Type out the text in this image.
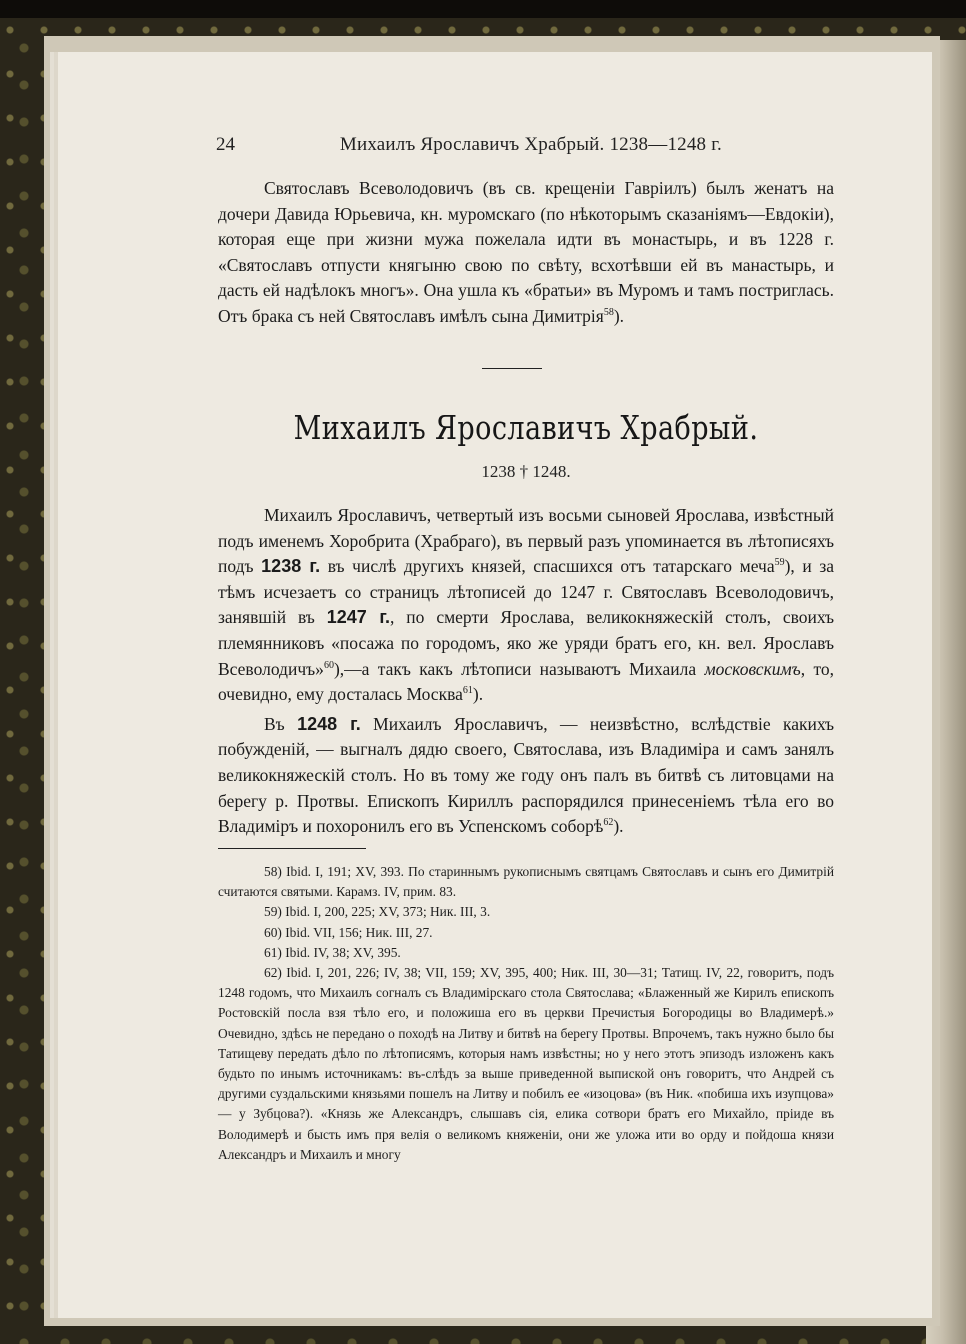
24	Михаилъ Ярославичъ Храбрый. 1238—1248 г.

Святославъ Всеволодовичъ (въ св. крещеніи Гавріилъ) былъ женатъ на дочери Давида Юрьевича, кн. муромскаго (по нѣкоторымъ сказаніямъ—Евдокіи), которая еще при жизни мужа пожелала идти въ монастырь, и въ 1228 г. «Святославъ отпусти княгыню свою по свѣту, всхотѣвши ей въ манастырь, и дасть ей надѣлокъ многъ». Она ушла къ «братьи» въ Муромъ и тамъ постриглась. Отъ брака съ ней Святославъ имѣлъ сына Димитрія$^{58}$).

Михаилъ Ярославичъ Храбрый.
1238 † 1248.

Михаилъ Ярославичъ, четвертый изъ восьми сыновей Ярослава, извѣстный подъ именемъ Хоробрита (Храбраго), въ первый разъ упоминается въ лѣтописяхъ подъ 1238 г. въ числѣ другихъ князей, спасшихся отъ татарскаго меча$^{59}$), и за тѣмъ исчезаетъ со страницъ лѣтописей до 1247 г. Святославъ Всеволодовичъ, занявшій въ 1247 г., по смерти Ярослава, великокняжескій столъ, своихъ племянниковъ «посажа по городомъ, яко же уряди братъ его, кн. вел. Ярославъ Всеволодичъ»$^{60}$),—а такъ какъ лѣтописи называютъ Михаила московскимъ, то, очевидно, ему досталась Москва$^{61}$).

Въ 1248 г. Михаилъ Ярославичъ, — неизвѣстно, вслѣдствіе какихъ побужденій, — выгналъ дядю своего, Святослава, изъ Владиміра и самъ занялъ великокняжескій столъ. Но въ тому же году онъ палъ въ битвѣ съ литовцами на берегу р. Протвы. Епископъ Кириллъ распорядился принесеніемъ тѣла его во Владиміръ и похоронилъ его въ Успенскомъ соборѣ$^{62}$).

58) Ibid. I, 191; XV, 393. По стариннымъ рукописнымъ святцамъ Святославъ и сынъ его Димитрій считаются святыми. Карамз. IV, прим. 83.

59) Ibid. I, 200, 225; XV, 373; Ник. III, 3.

60) Ibid. VII, 156; Ник. III, 27.

61) Ibid. IV, 38; XV, 395.

62) Ibid. I, 201, 226; IV, 38; VII, 159; XV, 395, 400; Ник. III, 30—31; Татищ. IV, 22, говоритъ, подъ 1248 годомъ, что Михаилъ согналъ съ Владимірскаго стола Святослава; «Блаженный же Кирилъ епископъ Ростовскій посла взя тѣло его, и положиша его въ церкви Пречистыя Богородицы во Владимерѣ.» Очевидно, здѣсь не передано о походѣ на Литву и битвѣ на берегу Протвы. Впрочемъ, такъ нужно было бы Татищеву передать дѣло по лѣтописямъ, которыя намъ извѣстны; но у него этотъ эпизодъ изложенъ какъ будьто по инымъ источникамъ: въ-слѣдъ за выше приведенной выпиской онъ говоритъ, что Андрей съ другими суздальскими князьями пошелъ на Литву и побилъ ее «изоцова» (въ Ник. «побиша ихъ изупцова» — у Зубцова?). «Князь же Александръ, слышавъ сія, елика сотвори братъ его Михайло, пріиде въ Володимерѣ и бысть имъ пря велія о великомъ княженіи, они же уложа ити во орду и пойдоша князи Александръ и Михаилъ и многу
